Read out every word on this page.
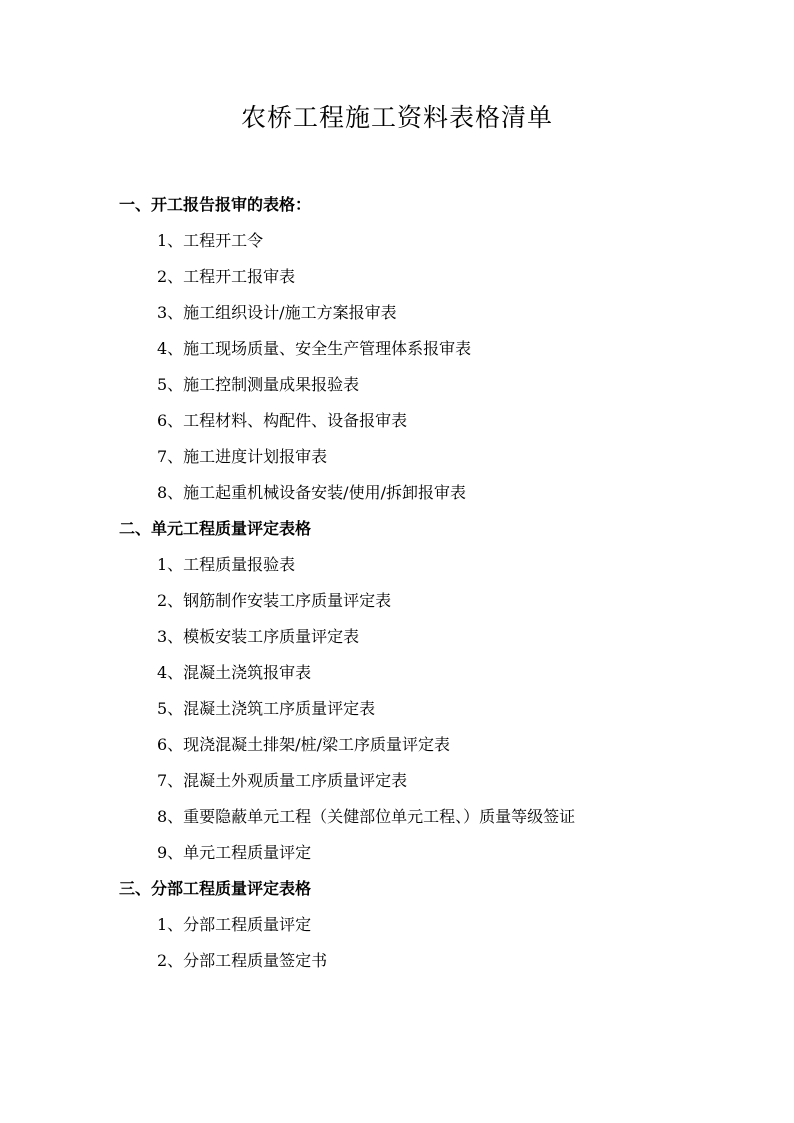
农桥工程施工资料表格清单
一、开工报告报审的表格：
1、工程开工令
2、工程开工报审表
3、施工组织设计/施工方案报审表
4、施工现场质量、安全生产管理体系报审表
5、施工控制测量成果报验表
6、工程材料、构配件、设备报审表
7、施工进度计划报审表
8、施工起重机械设备安装/使用/拆卸报审表
二、单元工程质量评定表格
1、工程质量报验表
2、钢筋制作安装工序质量评定表
3、模板安装工序质量评定表
4、混凝土浇筑报审表
5、混凝土浇筑工序质量评定表
6、现浇混凝土排架/桩/梁工序质量评定表
7、混凝土外观质量工序质量评定表
8、重要隐蔽单元工程（关健部位单元工程、）质量等级签证
9、单元工程质量评定
三、分部工程质量评定表格
1、分部工程质量评定
2、分部工程质量签定书
